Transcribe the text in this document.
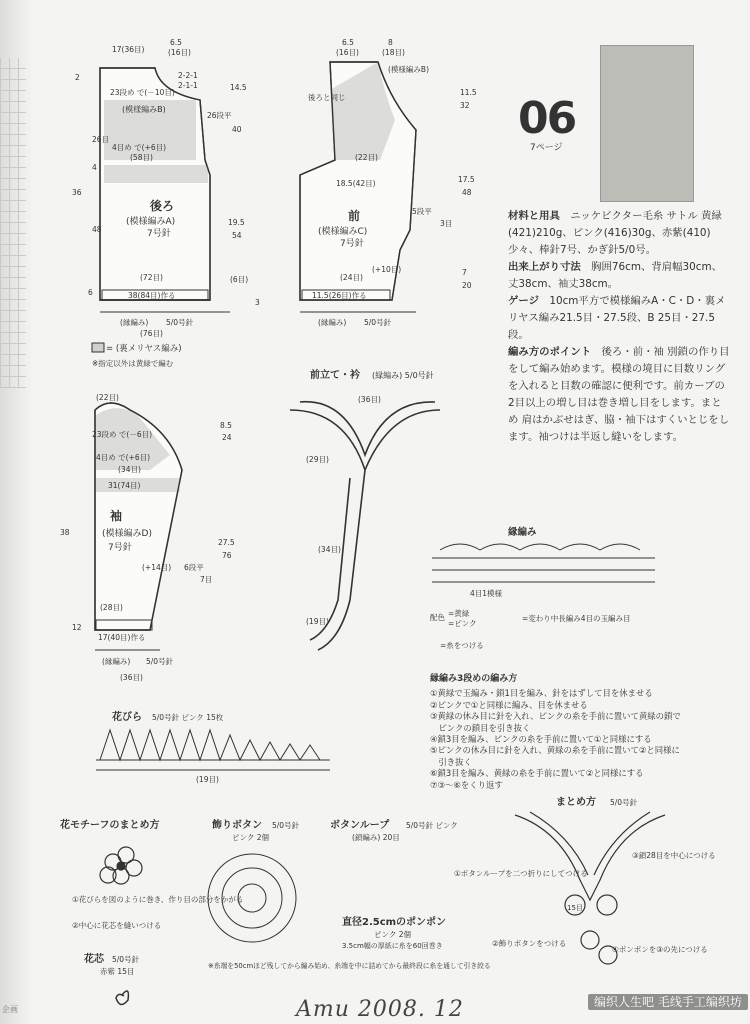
企画
17(36目)
6.5
(16目)
(模様編みB)
23段め で(－10目)
4目め で(+6目)
(58目)
(72目)
38(84目)作る
(縁編み) 5/0号針
(76目)
36
14.5
40
19.5
54
48
26目
(6目)
26段平
2-2-1
2-1-1
4
2
3
6
後ろ
前
袖
(模様編みA)
7号針	(模様編みC)
7号針
(模様編みD)
7号針
6.5
(16目)
8
(18目)
(模様編みB)
18.5(42目)
(22目)
(24目)
11.5(26目)作る
(縁編み) 5/0号針
11.5
32
17.5
48
7
20
5段平
3目
後ろと同じ
(+10目)
= (裏メリヤス編み)
※指定以外は黄緑で編む
(22目)
23段め で(－6目)
4目め で(+6目)
(34目)
31(74目)
(+14目)
(28目)
17(40目)作る
(縁編み) 5/0号針
(36目)
8.5
24
27.5
76
38
12
6段平
7目
前立て・衿 (縁編み) 5/0号針
(36目)
(29目)
(34目)
(19目)
縁編み
4目1模様
配色 =黄緑
=ピンク
=変わり中長編み4目の玉編み目
=糸をつける
花びら 5/0号針 ピンク 15枚
(19目)
まとめ方 5/0号針
①ボタンループを二つ折りにしてつける
②飾りボタンをつける
③鎖28目を中心につける
④ポンポンを③の先につける
15目
花モチーフのまとめ方
①花びらを図のように巻き、作り目の部分をかがる
②中心に花芯を縫いつける
花芯 5/0号針
赤紫 15目
飾りボタン 5/0号針
ピンク 2個
※糸端を50cmほど残してから編み始め、糸端を中に詰めてから最終段に糸を通して引き絞る
ボタンループ 5/0号針 ピンク
(鎖編み) 20目
直径2.5cmのポンポン
ピンク 2個
3.5cm幅の厚紙に糸を60回巻き
06
7ページ

材料と用具　 ニッケビクター毛糸 サトル 黄緑(421)210g、ピンク(416)30g、赤紫(410)少々、棒針7号、かぎ針5/0号。

出来上がり寸法　 胸囲76cm、背肩幅30cm、丈38cm、袖丈38cm。

ゲージ　 10cm平方で模様編みA・C・D・裏メリヤス編み21.5目・27.5段、B 25目・27.5段。

編み方のポイント　 後ろ・前・袖 別鎖の作り目をして編み始めます。模様の境目に目数リングを入れると目数の確認に便利です。前カーブの2目以上の増し目は巻き増し目をします。まとめ 肩はかぶせはぎ、脇・袖下はすくいとじをします。袖つけは半返し縫いをします。

縁編み3段めの編み方
①黄緑で玉編み・鎖1目を編み、針をはずして目を休ませる
②ピンクで①と同様に編み、目を休ませる
③黄緑の休み目に針を入れ、ピンクの糸を手前に置いて黄緑の鎖で
　ピンクの鎖目を引き抜く
④鎖3目を編み、ピンクの糸を手前に置いて①と同様にする
⑤ピンクの休み目に針を入れ、黄緑の糸を手前に置いて②と同様に
　引き抜く
⑥鎖3目を編み、黄緑の糸を手前に置いて②と同様にする
⑦③〜⑥をくり返す
Amu 2008. 12	编织人生吧 毛线手工编织坊
